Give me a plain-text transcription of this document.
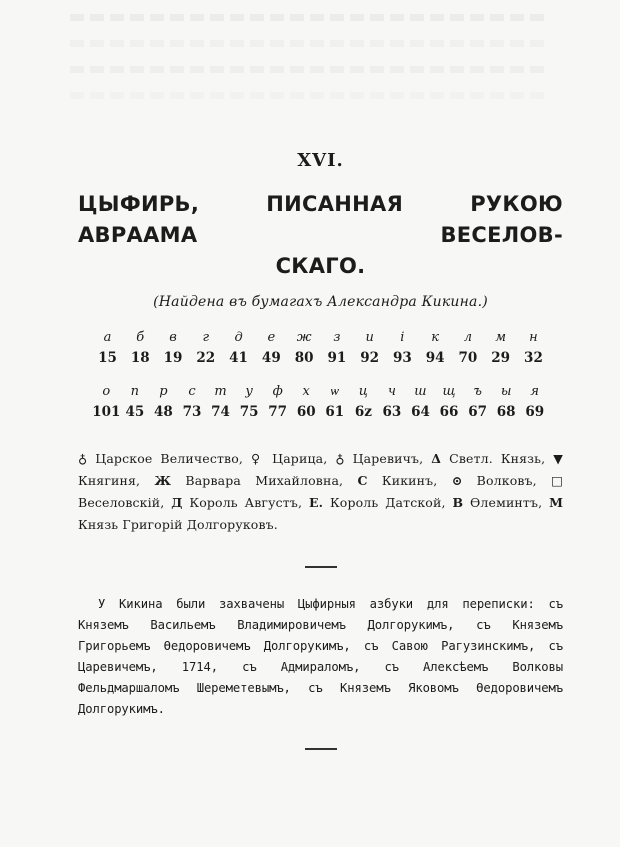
XVI.
ЦЫФИРЬ, ПИСАННАЯ РУКОЮ АВРААМА ВЕСЕЛОВ-
СКАГО.
(Найдена въ бумагахъ Александра Кикина.)
а	б	в	г	д	е	ж	з	и	і	к	л	м	н
15	18	19	22	41	49	80	91	92	93	94	70	29	32
о	п	р	с	т	у	ф	х	ѡ	ц	ч	ш	щ	ъ	ы	я
101 45 48 73 74 75 77 60 61 6z 63 64 66 67 68 69
♁ Царское Величество, ♀ Царица, ♁ Царевичъ, Δ Светл. Князь, ▼ Княгиня, Ж Варвара Михайловна, C Кикинъ, ⊙ Волковъ, □ Веселовскій, Д Король Августъ, Е. Король Датской, В Өлеминтъ, М Князь Григорій Долгоруковъ.
У Кикина были захвачены Цыфирныя азбуки для переписки: съ Княземъ Васильемъ Владимировичемъ Долгорукимъ, съ Княземъ Григорьемъ Өедоровичемъ Долгорукимъ, съ Савою Рагузинскимъ, съ Царевичемъ, 1714, съ Адмираломъ, съ Алексѣемъ Волковы Фельдмаршаломъ Шереметевымъ, съ Княземъ Яковомъ Өедоровичемъ Долгорукимъ.
